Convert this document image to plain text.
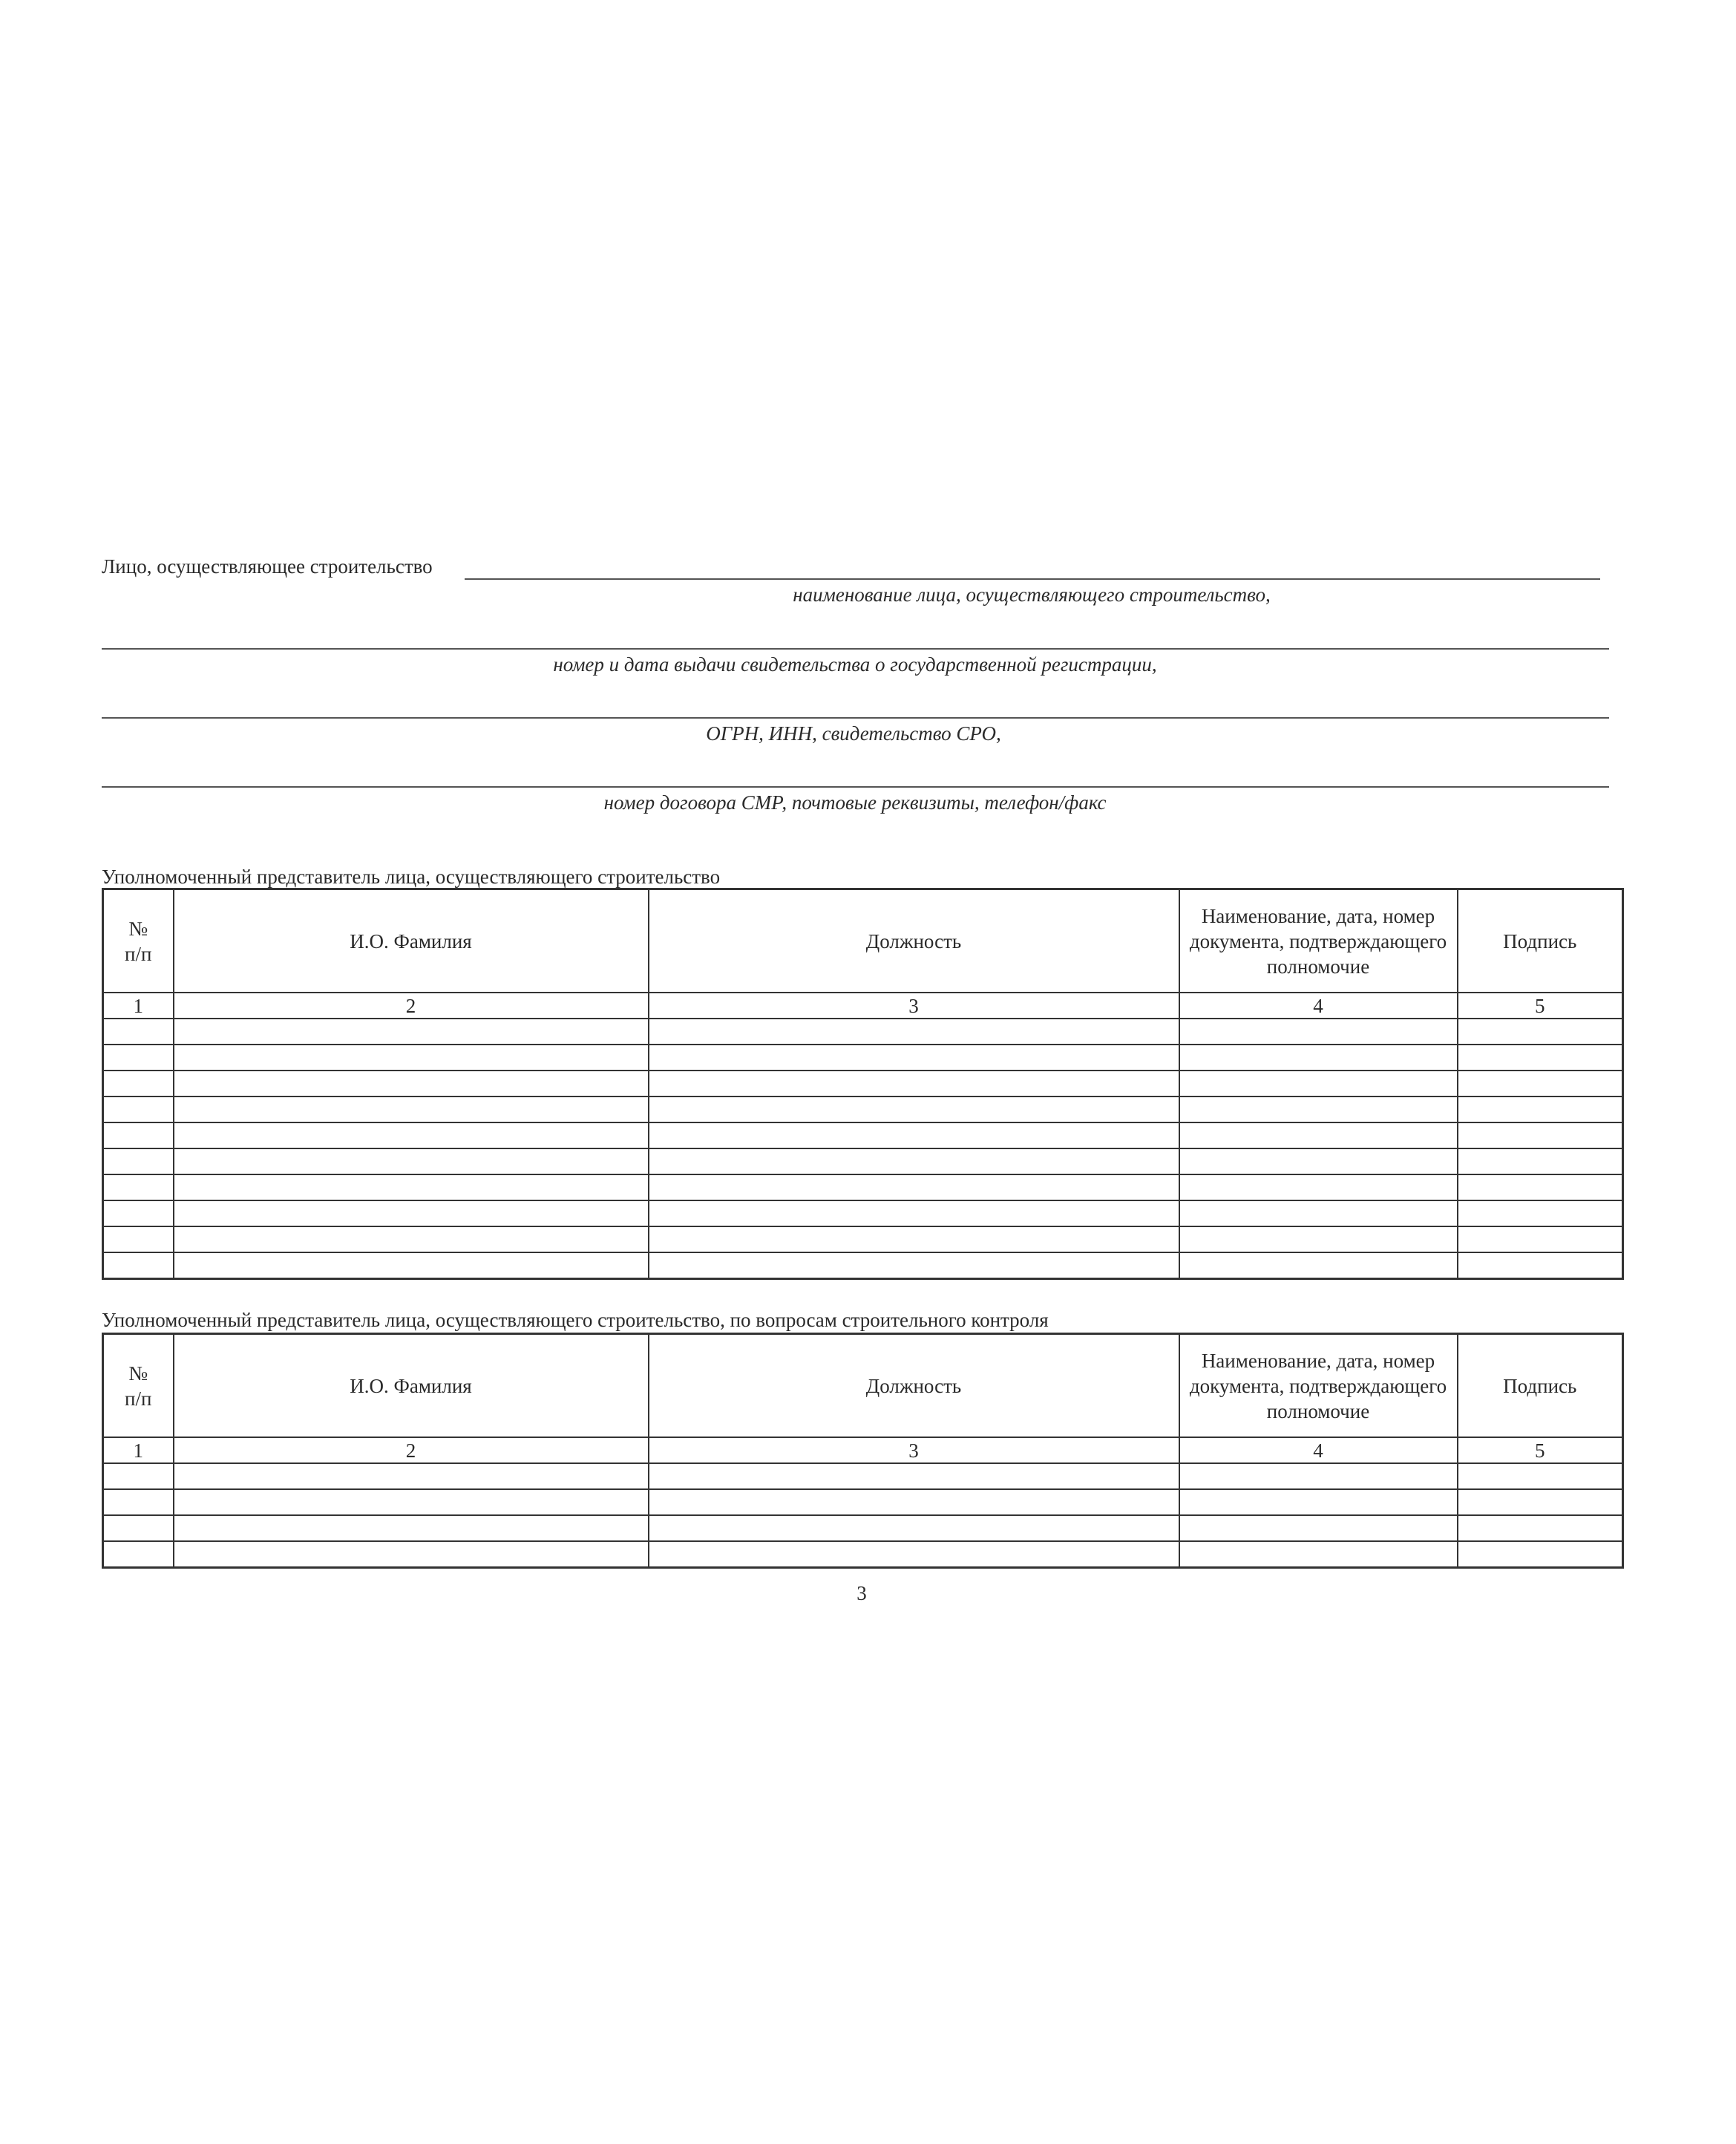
Лицо, осуществляющее строительство
наименование лица, осуществляющего строительство,
номер и дата выдачи свидетельства о государственной регистрации,
ОГРН, ИНН, свидетельство СРО,
номер договора СМР, почтовые реквизиты, телефон/факс
Уполномоченный представитель лица, осуществляющего строительство
№
п/п	И.О. Фамилия	Должность	Наименование, дата, номер документа, подтверждающего полномочие	Подпись
1	2	3	4	5

Уполномоченный представитель лица, осуществляющего строительство, по вопросам строительного контроля
№
п/п	И.О. Фамилия	Должность	Наименование, дата, номер документа, подтверждающего полномочие	Подпись
1	2	3	4	5

3
